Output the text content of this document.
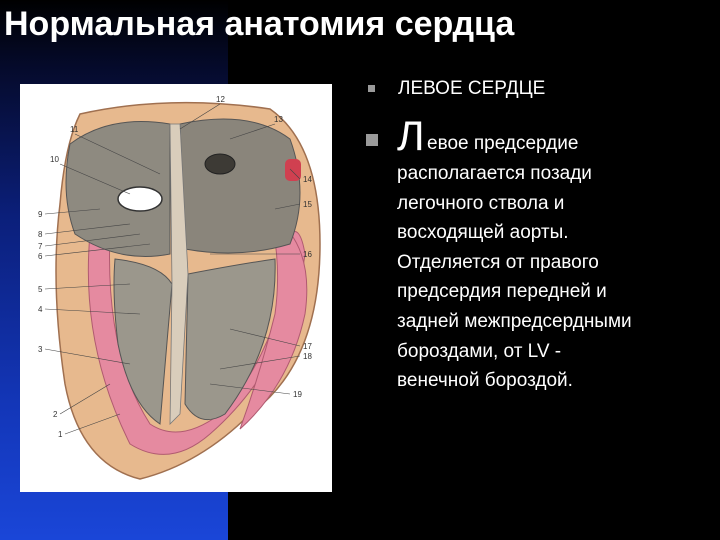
Нормальная анатомия сердца
12
13
11
10
14
15
9
8
7
6	16
5
4
3	17
18
19
2
1
ЛЕВОЕ СЕРДЦЕ
Л евое предсердие
располагается позади
легочного ствола и
восходящей аорты.
Отделяется от правого
предсердия передней и
задней межпредсердными
бороздами, от LV -
венечной бороздой.
